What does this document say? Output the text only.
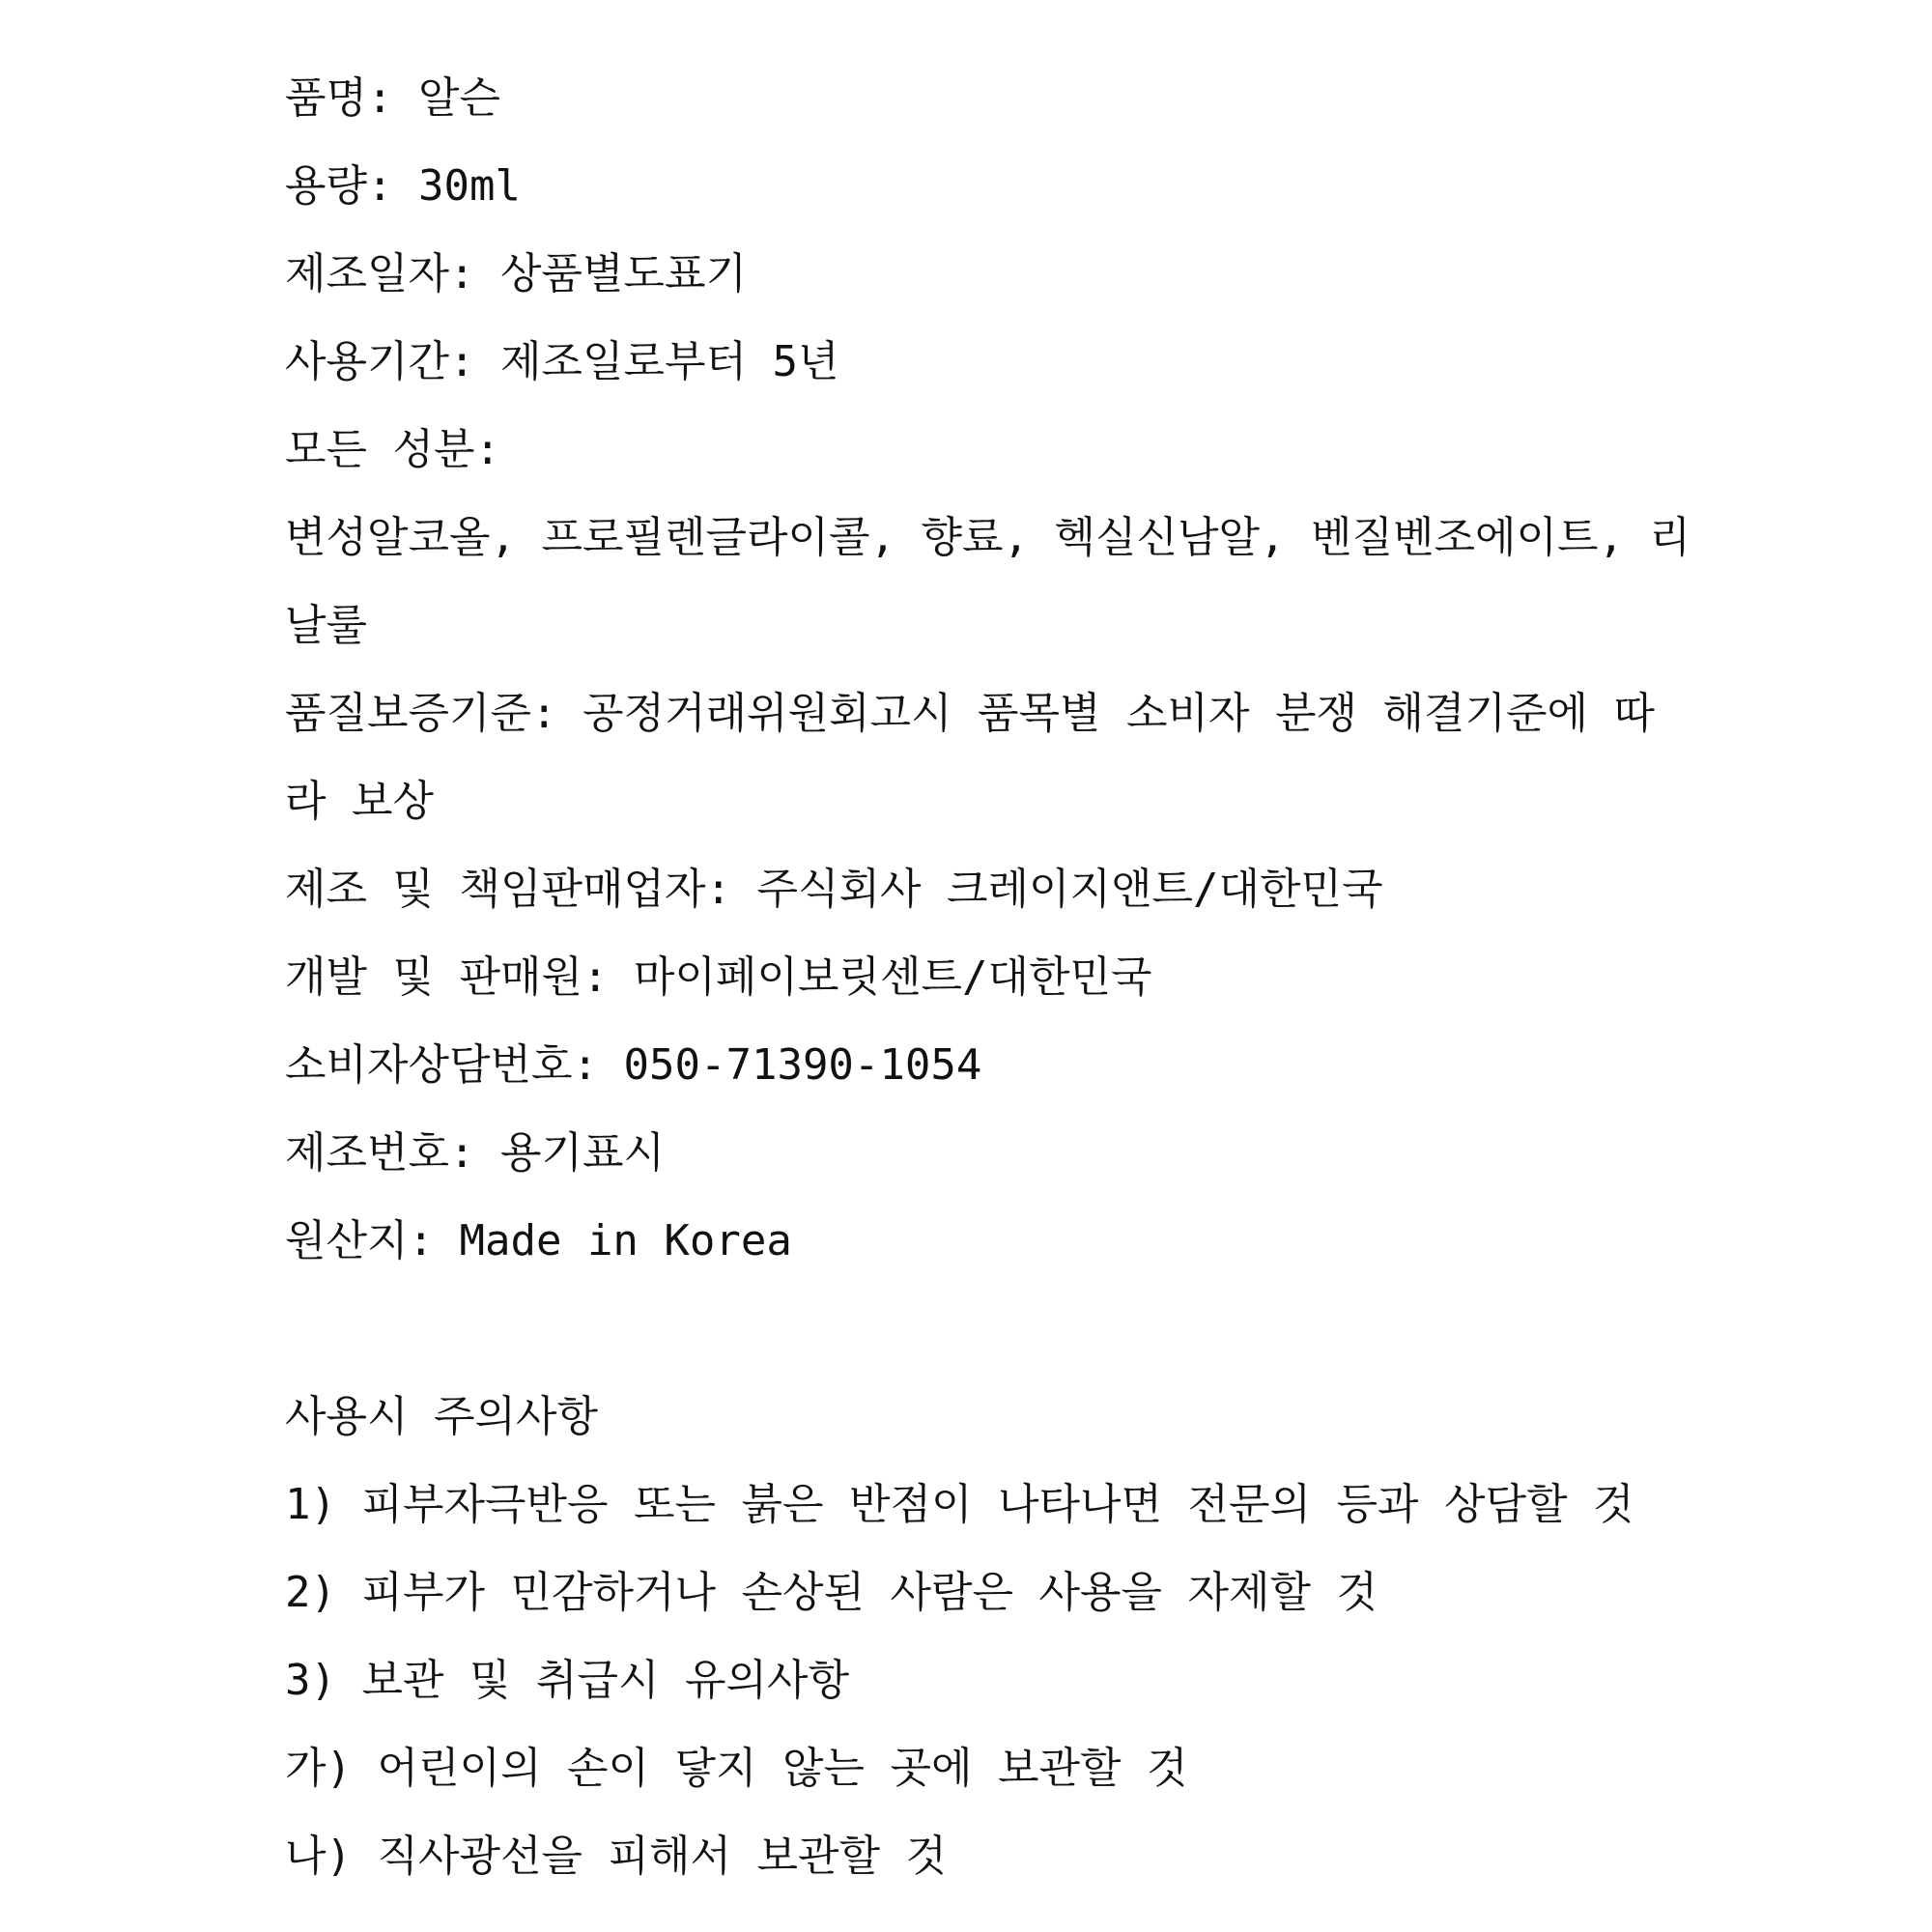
품명: 알슨
용량: 30ml
제조일자: 상품별도표기
사용기간: 제조일로부터 5년
모든 성분:
변성알코올, 프로필렌글라이콜, 향료, 헥실신남알, 벤질벤조에이트, 리
날룰
품질보증기준: 공정거래위원회고시 품목별 소비자 분쟁 해결기준에 따
라 보상
제조 및 책임판매업자: 주식회사 크레이지앤트/대한민국
개발 및 판매원: 마이페이보릿센트/대한민국
소비자상담번호: 050-71390-1054
제조번호: 용기표시
원산지: Made in Korea
사용시 주의사항
1) 피부자극반응 또는 붉은 반점이 나타나면 전문의 등과 상담할 것
2) 피부가 민감하거나 손상된 사람은 사용을 자제할 것
3) 보관 및 취급시 유의사항
가) 어린이의 손이 닿지 않는 곳에 보관할 것
나) 직사광선을 피해서 보관할 것
